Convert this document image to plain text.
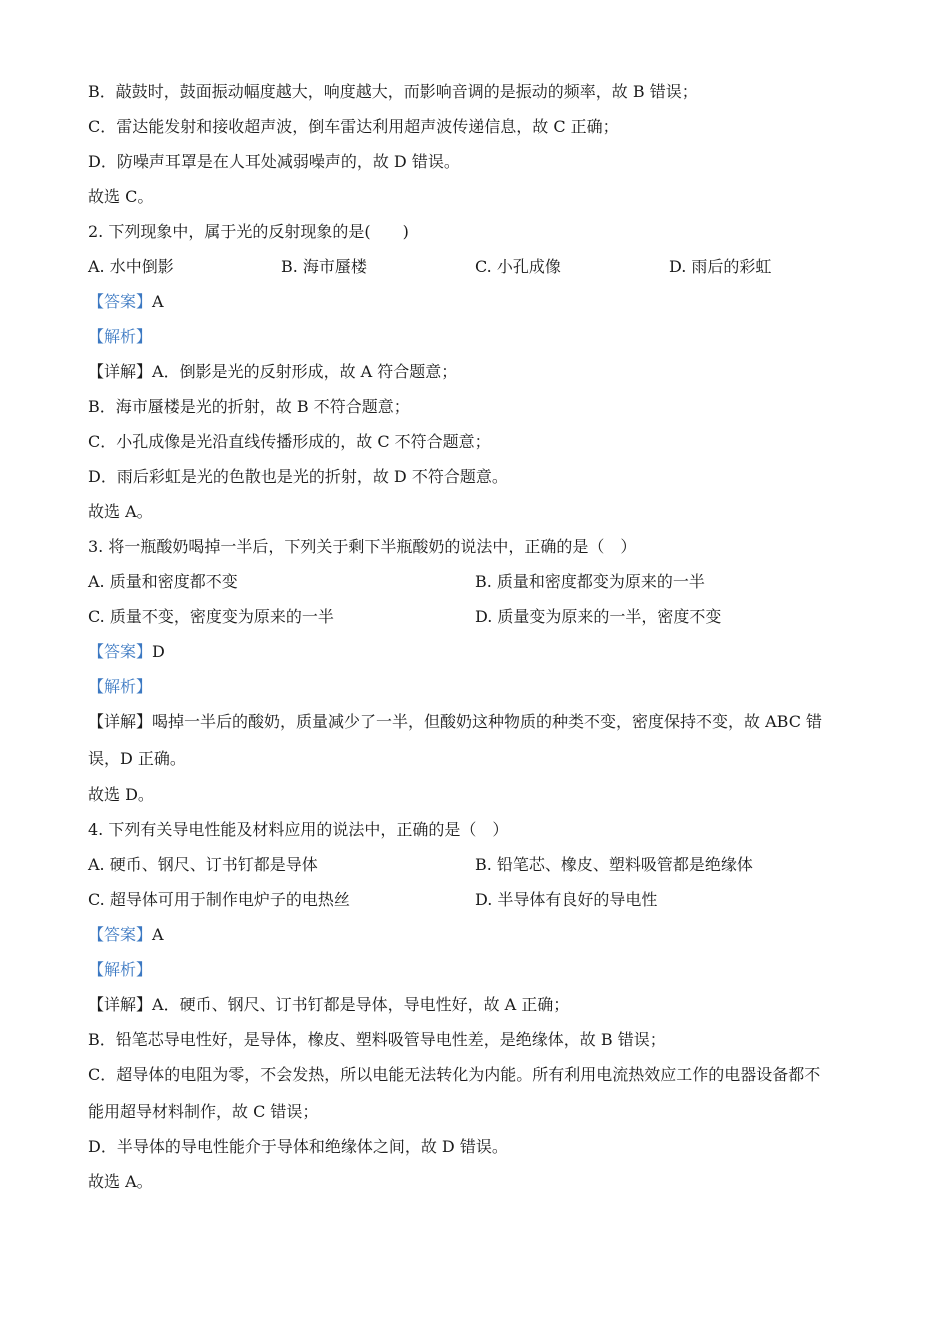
B．敲鼓时，鼓面振动幅度越大，响度越大，而影响音调的是振动的频率，故 B 错误；
C．雷达能发射和接收超声波，倒车雷达利用超声波传递信息，故 C 正确；
D．防噪声耳罩是在人耳处减弱噪声的，故 D 错误。
故选 C。
2. 下列现象中，属于光的反射现象的是(　　)
A. 水中倒影	B. 海市蜃楼	C. 小孔成像	D. 雨后的彩虹
【答案】A
【解析】
【详解】A．倒影是光的反射形成，故 A 符合题意；
B．海市蜃楼是光的折射，故 B 不符合题意；
C．小孔成像是光沿直线传播形成的，故 C 不符合题意；
D．雨后彩虹是光的色散也是光的折射，故 D 不符合题意。
故选 A。
3. 将一瓶酸奶喝掉一半后，下列关于剩下半瓶酸奶的说法中，正确的是（　）
A. 质量和密度都不变	B. 质量和密度都变为原来的一半
C. 质量不变，密度变为原来的一半	D. 质量变为原来的一半，密度不变
【答案】D
【解析】
【详解】喝掉一半后的酸奶，质量减少了一半，但酸奶这种物质的种类不变，密度保持不变，故 ABC 错
误，D 正确。
故选 D。
4. 下列有关导电性能及材料应用的说法中，正确的是（　）
A. 硬币、钢尺、订书钉都是导体	B. 铅笔芯、橡皮、塑料吸管都是绝缘体
C. 超导体可用于制作电炉子的电热丝	D. 半导体有良好的导电性
【答案】A
【解析】
【详解】A．硬币、钢尺、订书钉都是导体，导电性好，故 A 正确；
B．铅笔芯导电性好，是导体，橡皮、塑料吸管导电性差，是绝缘体，故 B 错误；
C．超导体的电阻为零，不会发热，所以电能无法转化为内能。所有利用电流热效应工作的电器设备都不
能用超导材料制作，故 C 错误；
D．半导体的导电性能介于导体和绝缘体之间，故 D 错误。
故选 A。
